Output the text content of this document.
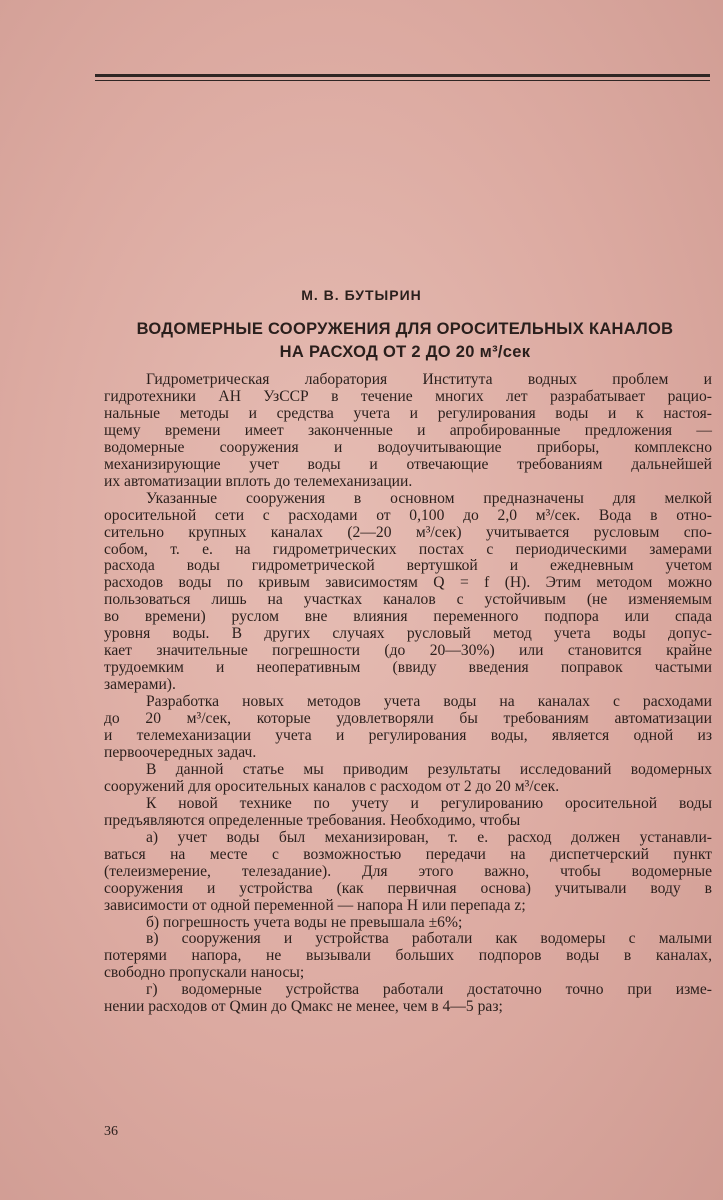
М. В. БУТЫРИН
ВОДОМЕРНЫЕ СООРУЖЕНИЯ ДЛЯ ОРОСИТЕЛЬНЫХ КАНАЛОВ
НА РАСХОД ОТ 2 ДО 20 м³/сек
Гидрометрическая лаборатория Института водных проблем и
гидротехники АН УзССР в течение многих лет разрабатывает рацио-
нальные методы и средства учета и регулирования воды и к настоя-
щему времени имеет законченные и апробированные предложения —
водомерные сооружения и водоучитывающие приборы, комплексно
механизирующие учет воды и отвечающие требованиям дальнейшей
их автоматизации вплоть до телемеханизации.
Указанные сооружения в основном предназначены для мелкой
оросительной сети с расходами от 0,100 до 2,0 м³/сек. Вода в отно-
сительно крупных каналах (2—20 м³/сек) учитывается русловым спо-
собом, т. е. на гидрометрических постах с периодическими замерами
расхода воды гидрометрической вертушкой и ежедневным учетом
расходов воды по кривым зависимостям Q = f (H). Этим методом можно
пользоваться лишь на участках каналов с устойчивым (не изменяемым
во времени) руслом вне влияния переменного подпора или спада
уровня воды. В других случаях русловый метод учета воды допус-
кает значительные погрешности (до 20—30%) или становится крайне
трудоемким и неоперативным (ввиду введения поправок частыми
замерами).
Разработка новых методов учета воды на каналах с расходами
до 20 м³/сек, которые удовлетворяли бы требованиям автоматизации
и телемеханизации учета и регулирования воды, является одной из
первоочередных задач.
В данной статье мы приводим результаты исследований водомерных
сооружений для оросительных каналов с расходом от 2 до 20 м³/сек.
К новой технике по учету и регулированию оросительной воды
предъявляются определенные требования. Необходимо, чтобы
а) учет воды был механизирован, т. е. расход должен устанавли-
ваться на месте с возможностью передачи на диспетчерский пункт
(телеизмерение, телезадание). Для этого важно, чтобы водомерные
сооружения и устройства (как первичная основа) учитывали воду в
зависимости от одной переменной — напора H или перепада z;
б) погрешность учета воды не превышала ±6%;
в) сооружения и устройства работали как водомеры с малыми
потерями напора, не вызывали больших подпоров воды в каналах,
свободно пропускали наносы;
г) водомерные устройства работали достаточно точно при изме-
нении расходов от Qмин до Qмакс не менее, чем в 4—5 раз;
36
